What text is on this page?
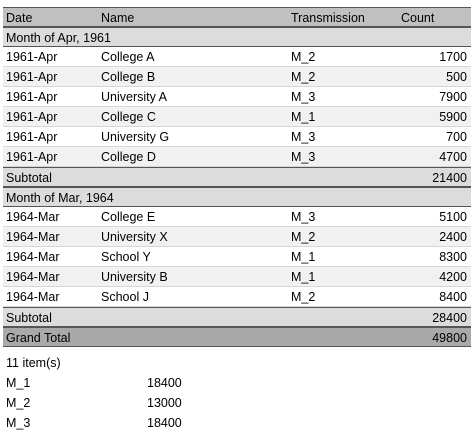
Date	Name	Transmission	Count
Month of Apr, 1961
1961-Apr	College A	M_2	1700
1961-Apr	College B	M_2	500
1961-Apr	University A	M_3	7900
1961-Apr	College C	M_1	5900
1961-Apr	University G	M_3	700
1961-Apr	College D	M_3	4700
Subtotal	21400
Month of Mar, 1964
1964-Mar	College E	M_3	5100
1964-Mar	University X	M_2	2400
1964-Mar	School Y	M_1	8300
1964-Mar	University B	M_1	4200
1964-Mar	School J	M_2	8400
Subtotal	28400
Grand Total	49800
11 item(s)
M_1	18400
M_2	13000
M_3	18400
